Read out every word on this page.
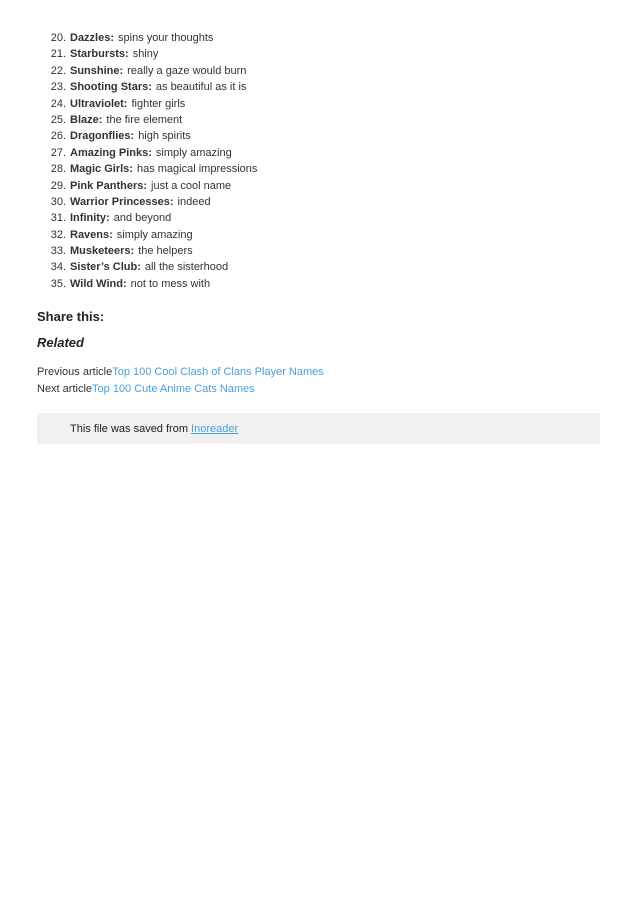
20. Dazzles: spins your thoughts
21. Starbursts: shiny
22. Sunshine: really a gaze would burn
23. Shooting Stars: as beautiful as it is
24. Ultraviolet: fighter girls
25. Blaze: the fire element
26. Dragonflies: high spirits
27. Amazing Pinks: simply amazing
28. Magic Girls: has magical impressions
29. Pink Panthers: just a cool name
30. Warrior Princesses: indeed
31. Infinity: and beyond
32. Ravens: simply amazing
33. Musketeers: the helpers
34. Sister’s Club: all the sisterhood
35. Wild Wind: not to mess with
Share this:
Related
Previous articleTop 100 Cool Clash of Clans Player Names
Next articleTop 100 Cute Anime Cats Names
This file was saved from Inoreader
